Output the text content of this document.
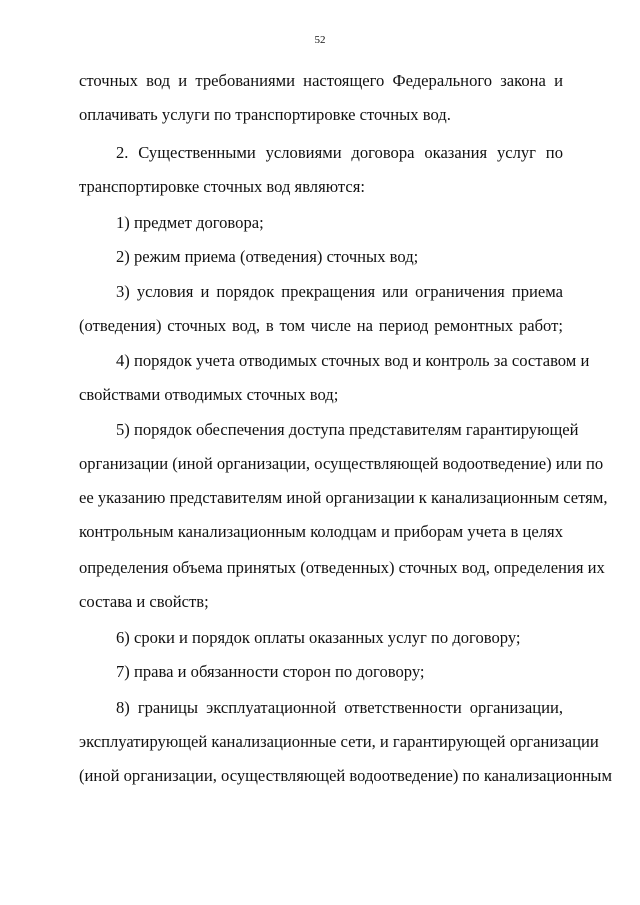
52
сточных вод и требованиями настоящего Федерального закона и
оплачивать услуги по транспортировке сточных вод.
2. Существенными условиями договора оказания услуг по
транспортировке сточных вод являются:
1) предмет договора;
2) режим приема (отведения) сточных вод;
3) условия и порядок прекращения или ограничения приема
(отведения) сточных вод, в том числе на период ремонтных работ;
4) порядок учета отводимых сточных вод и контроль за составом и
свойствами отводимых сточных вод;
5) порядок обеспечения доступа представителям гарантирующей
организации (иной организации, осуществляющей водоотведение) или по
ее указанию представителям иной организации к канализационным сетям,
контрольным канализационным колодцам и приборам учета в целях
определения объема принятых (отведенных) сточных вод, определения их
состава и свойств;
6) сроки и порядок оплаты оказанных услуг по договору;
7) права и обязанности сторон по договору;
8) границы эксплуатационной ответственности организации,
эксплуатирующей канализационные сети, и гарантирующей организации
(иной организации, осуществляющей водоотведение) по канализационным
